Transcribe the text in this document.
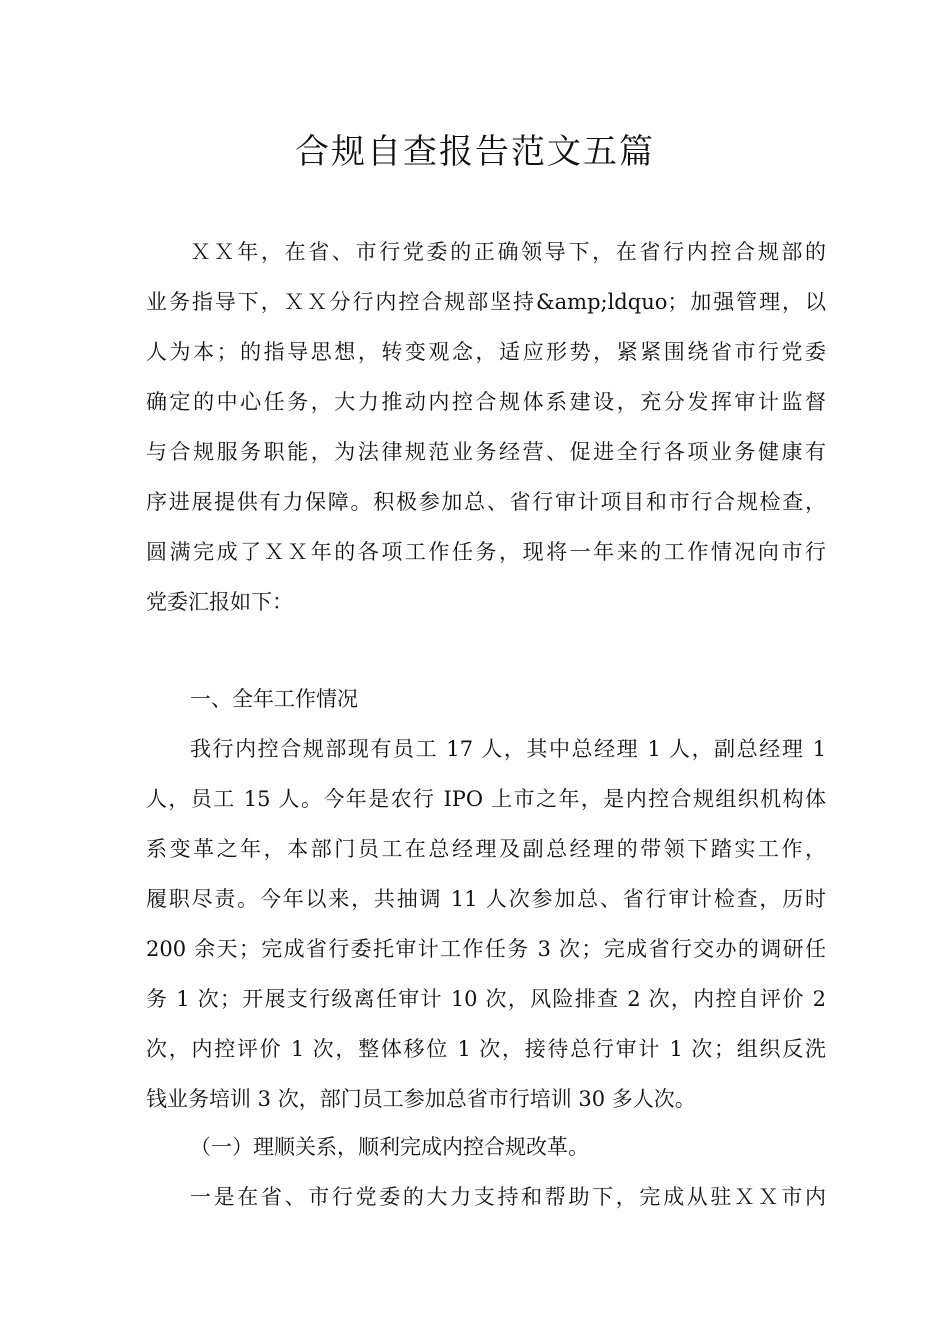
合规自查报告范文五篇
ＸＸ年，在省、市行党委的正确领导下，在省行内控合规部的
业务指导下，ＸＸ分行内控合规部坚持&amp;ldquo；加强管理，以
人为本；的指导思想，转变观念，适应形势，紧紧围绕省市行党委
确定的中心任务，大力推动内控合规体系建设，充分发挥审计监督
与合规服务职能，为法律规范业务经营、促进全行各项业务健康有
序进展提供有力保障。积极参加总、省行审计项目和市行合规检查，
圆满完成了ＸＸ年的各项工作任务，现将一年来的工作情况向市行
党委汇报如下：
一、全年工作情况
我行内控合规部现有员工 17 人，其中总经理 1 人，副总经理 1
人，员工 15 人。今年是农行 IPO 上市之年，是内控合规组织机构体
系变革之年，本部门员工在总经理及副总经理的带领下踏实工作，
履职尽责。今年以来，共抽调 11 人次参加总、省行审计检查，历时
200 余天；完成省行委托审计工作任务 3 次；完成省行交办的调研任
务 1 次；开展支行级离任审计 10 次，风险排查 2 次，内控自评价 2
次，内控评价 1 次，整体移位 1 次，接待总行审计 1 次；组织反洗
钱业务培训 3 次，部门员工参加总省市行培训 30 多人次。
（一）理顺关系，顺利完成内控合规改革。
一是在省、市行党委的大力支持和帮助下，完成从驻ＸＸ市内
